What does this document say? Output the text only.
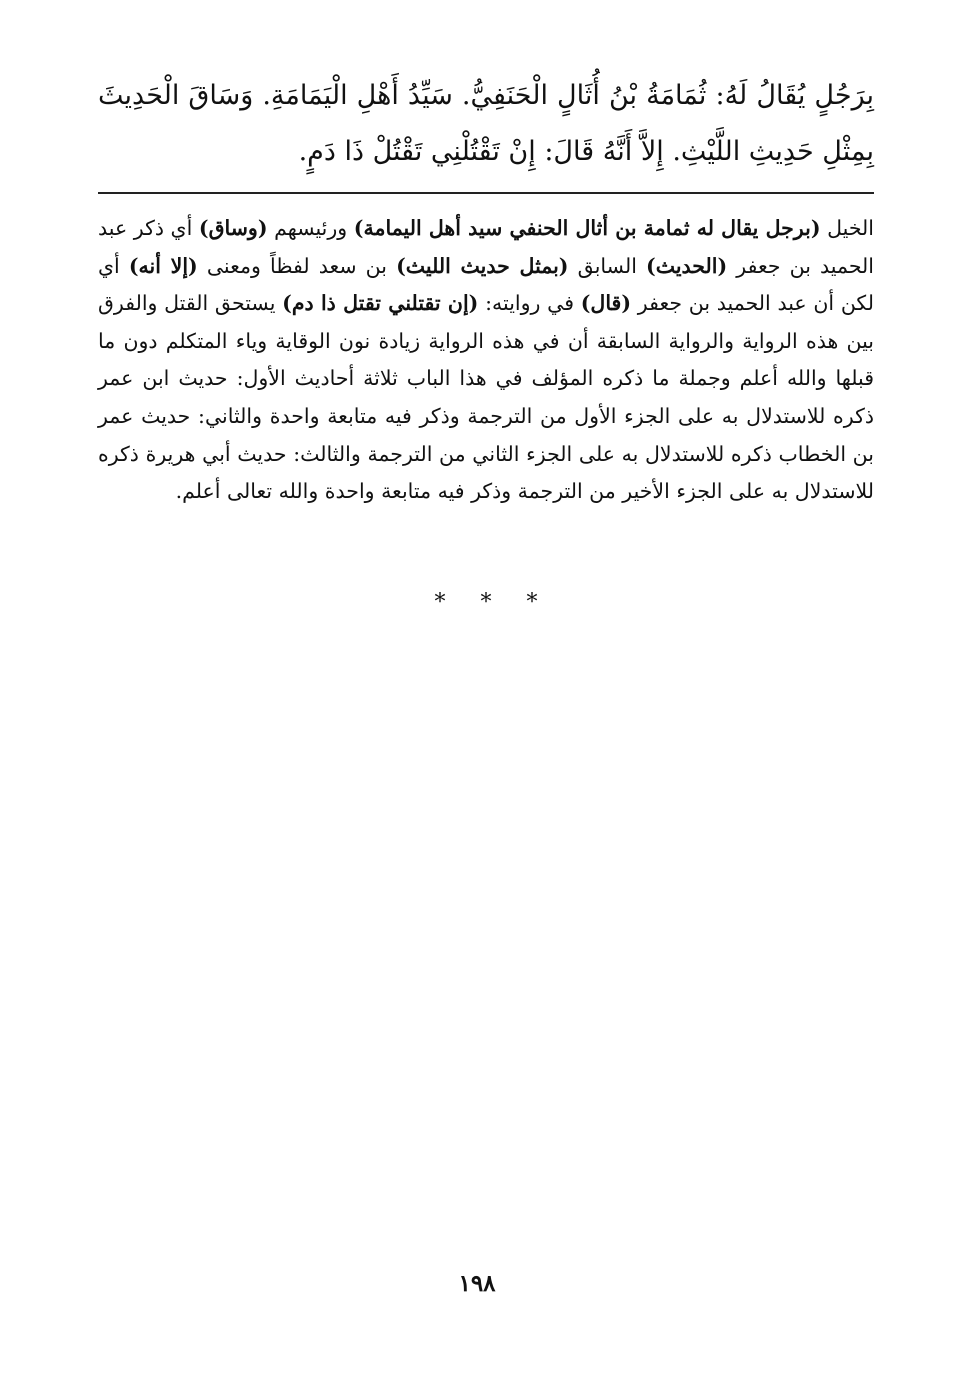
بِرَجُلٍ يُقَالُ لَهُ: ثُمَامَةُ بْنُ أُثَالٍ الْحَنَفِيُّ. سَيِّدُ أَهْلِ الْيَمَامَةِ. وَسَاقَ الْحَدِيثَ بِمِثْلِ حَدِيثِ اللَّيْثِ. إِلاَّ أَنَّهُ قَالَ: إِنْ تَقْتُلْنِي تَقْتُلْ ذَا دَمٍ.

الخيل (برجل يقال له ثمامة بن أثال الحنفي سيد أهل اليمامة) ورئيسهم (وساق) أي ذكر عبد الحميد بن جعفر (الحديث) السابق (بمثل حديث الليث) بن سعد لفظاً ومعنى (إلا أنه) أي لكن أن عبد الحميد بن جعفر (قال) في روايته: (إن تقتلني تقتل ذا دم) يستحق القتل والفرق بين هذه الرواية والرواية السابقة أن في هذه الرواية زيادة نون الوقاية وياء المتكلم دون ما قبلها والله أعلم وجملة ما ذكره المؤلف في هذا الباب ثلاثة أحاديث الأول: حديث ابن عمر ذكره للاستدلال به على الجزء الأول من الترجمة وذكر فيه متابعة واحدة والثاني: حديث عمر بن الخطاب ذكره للاستدلال به على الجزء الثاني من الترجمة والثالث: حديث أبي هريرة ذكره للاستدلال به على الجزء الأخير من الترجمة وذكر فيه متابعة واحدة والله تعالى أعلم.

* * *
١٩٨
